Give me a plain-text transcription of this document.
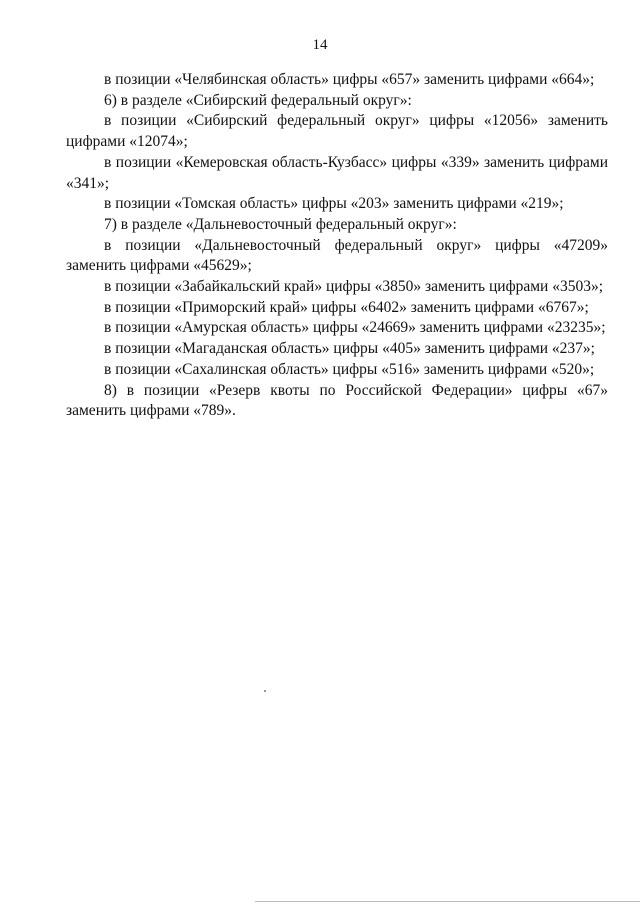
14

в позиции «Челябинская область» цифры «657» заменить цифрами «664»;

6) в разделе «Сибирский федеральный округ»:

в позиции «Сибирский федеральный округ» цифры «12056» заменить цифрами «12074»;

в позиции «Кемеровская область-Кузбасс» цифры «339» заменить цифрами «341»;

в позиции «Томская область» цифры «203» заменить цифрами «219»;

7) в разделе «Дальневосточный федеральный округ»:

в позиции «Дальневосточный федеральный округ» цифры «47209» заменить цифрами «45629»;

в позиции «Забайкальский край» цифры «3850» заменить цифрами «3503»;

в позиции «Приморский край» цифры «6402» заменить цифрами «6767»;

в позиции «Амурская область» цифры «24669» заменить цифрами «23235»;

в позиции «Магаданская область» цифры «405» заменить цифрами «237»;

в позиции «Сахалинская область» цифры «516» заменить цифрами «520»;

8) в позиции «Резерв квоты по Российской Федерации» цифры «67» заменить цифрами «789».
